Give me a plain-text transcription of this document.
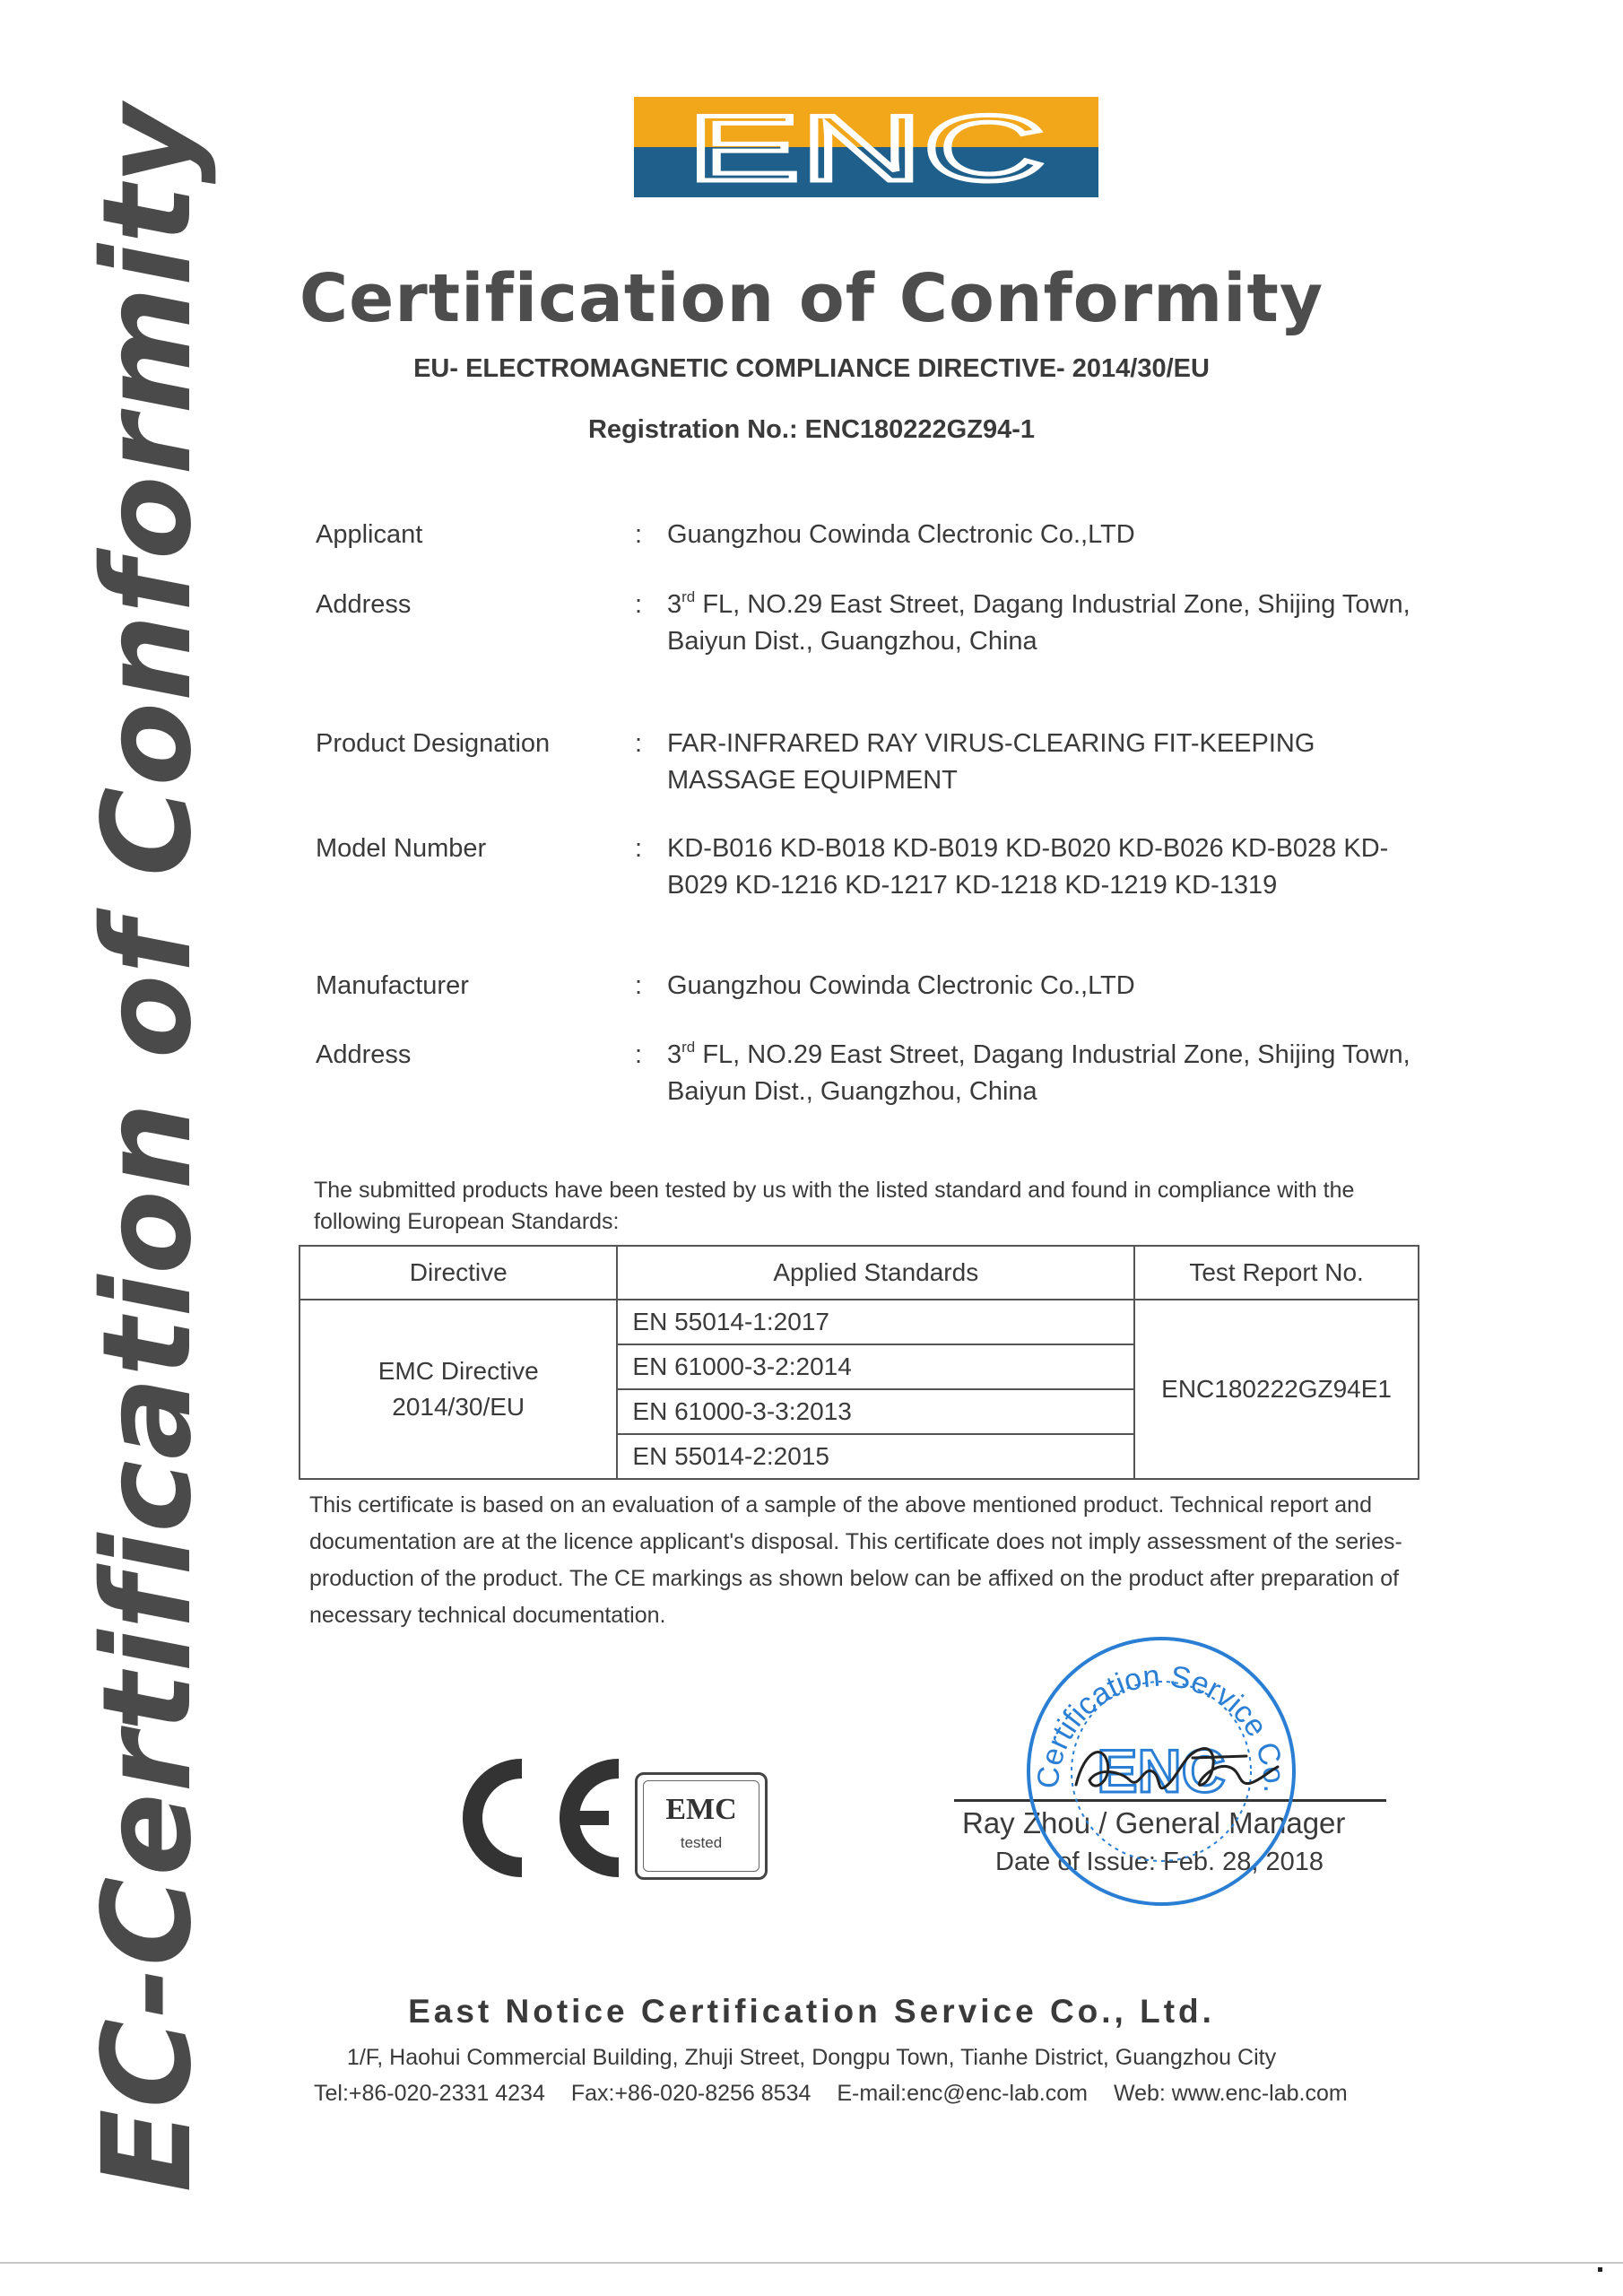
EC-Certification of Conformity	ENC
Certification of Conformity
EU- ELECTROMAGNETIC COMPLIANCE DIRECTIVE- 2014/30/EU
Registration No.: ENC180222GZ94-1
Applicant	: Guangzhou Cowinda Clectronic Co.,LTD
Address	: 3rd FL, NO.29 East Street, Dagang Industrial Zone, Shijing Town, Baiyun Dist., Guangzhou, China
Product Designation	: FAR-INFRARED RAY VIRUS-CLEARING FIT-KEEPING MASSAGE EQUIPMENT
Model Number	: KD-B016 KD-B018 KD-B019 KD-B020 KD-B026 KD-B028 KD-B029 KD-1216 KD-1217 KD-1218 KD-1219 KD-1319
Manufacturer	: Guangzhou Cowinda Clectronic Co.,LTD
Address	: 3rd FL, NO.29 East Street, Dagang Industrial Zone, Shijing Town, Baiyun Dist., Guangzhou, China
The submitted products have been tested by us with the listed standard and found in compliance with the following European Standards:
Directive	Applied Standards	Test Report No.

EMC Directive
2014/30/EU	EN 55014-1:2017	ENC180222GZ94E1
	EN 61000-3-2:2014	
	EN 61000-3-3:2013	
	EN 55014-2:2015	
This certificate is based on an evaluation of a sample of the above mentioned product. Technical report and documentation are at the licence applicant's disposal. This certificate does not imply assessment of the series-production of the product. The CE markings as shown below can be affixed on the product after preparation of necessary technical documentation.
EMC
tested
Ray Zhou / General Manager
Date of Issue: Feb. 28, 2018
Certification Service Co.
ENC
East Notice Certification Service Co., Ltd.
1/F, Haohui Commercial Building, Zhuji Street, Dongpu Town, Tianhe District, Guangzhou City
Tel:+86-020-2331 4234 Fax:+86-020-8256 8534 E-mail:enc@enc-lab.com Web: www.enc-lab.com
